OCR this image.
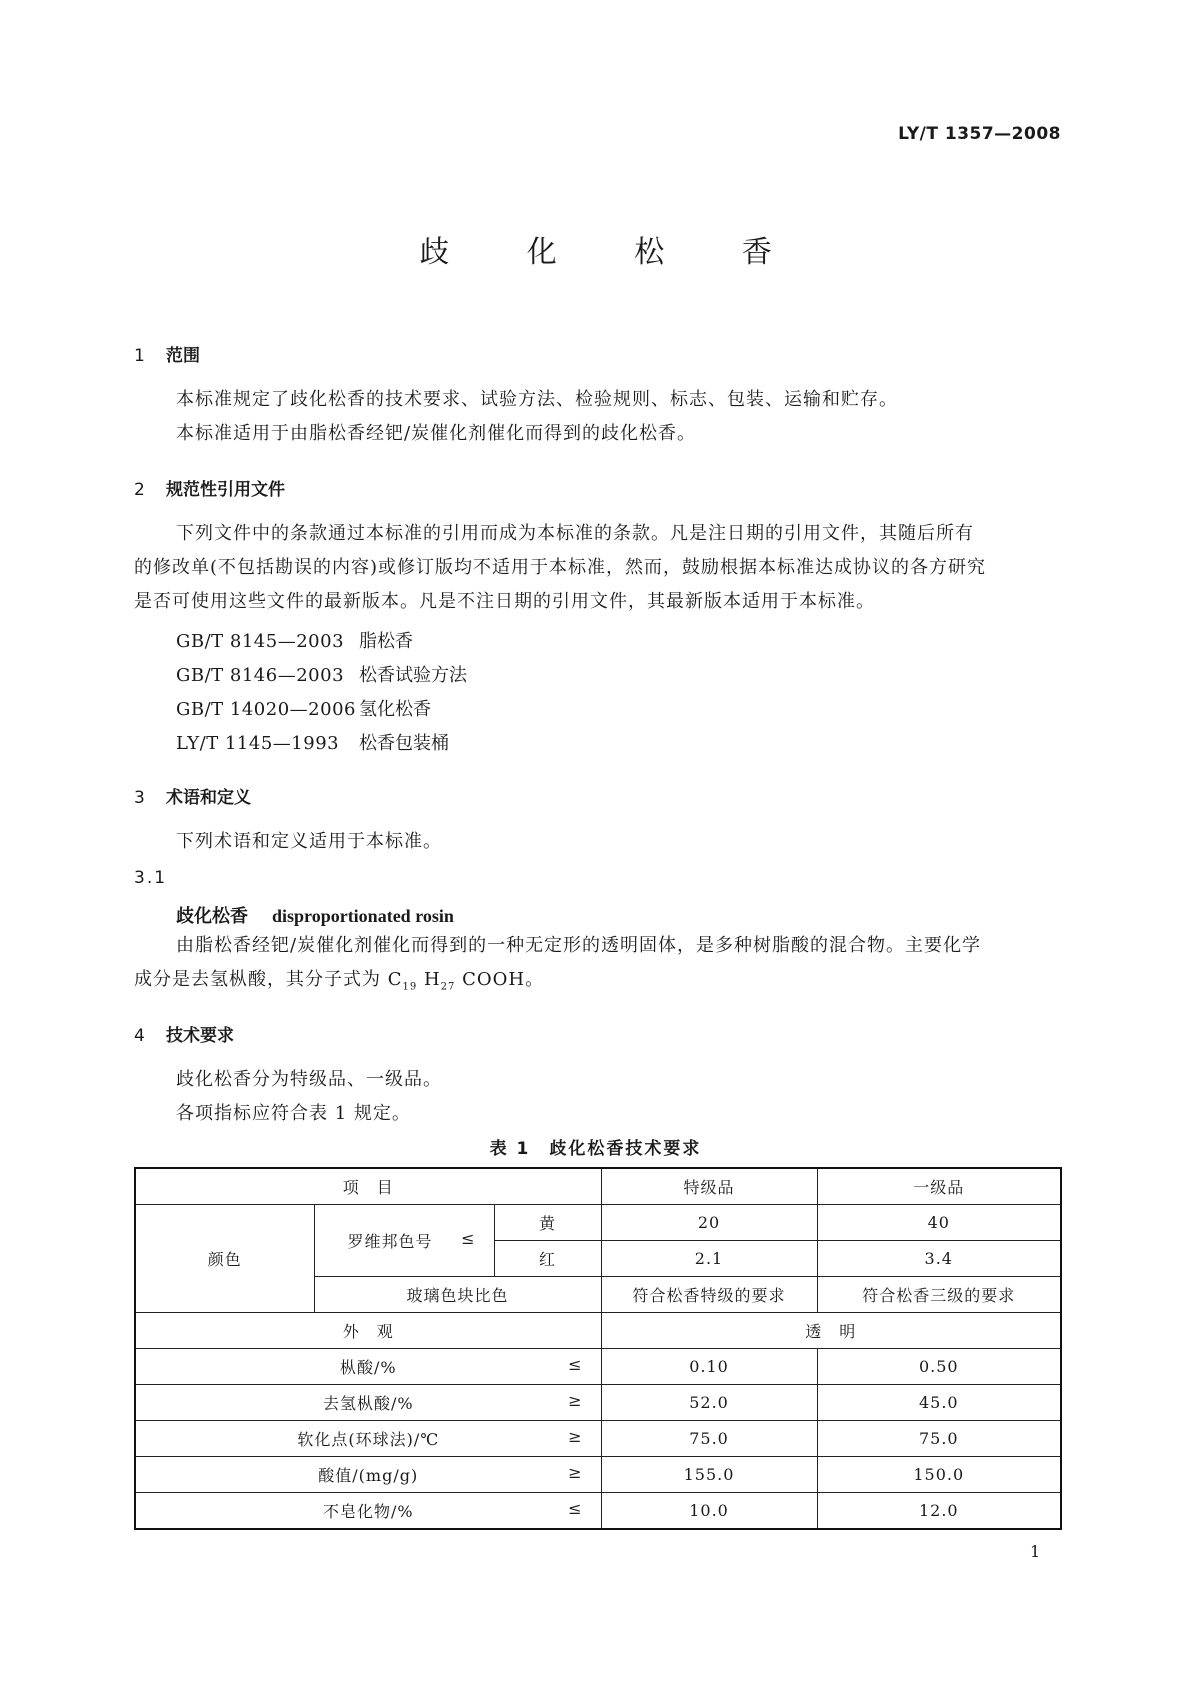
LY/T 1357—2008
歧 化 松 香
1 范围
本标准规定了歧化松香的技术要求、试验方法、检验规则、标志、包装、运输和贮存。
本标准适用于由脂松香经钯/炭催化剂催化而得到的歧化松香。
2 规范性引用文件
下列文件中的条款通过本标准的引用而成为本标准的条款。凡是注日期的引用文件，其随后所有
的修改单(不包括勘误的内容)或修订版均不适用于本标准，然而，鼓励根据本标准达成协议的各方研究
是否可使用这些文件的最新版本。凡是不注日期的引用文件，其最新版本适用于本标准。
GB/T 8145—2003 脂松香
GB/T 8146—2003 松香试验方法
GB/T 14020—2006 氢化松香
LY/T 1145—1993 松香包装桶
3 术语和定义
下列术语和定义适用于本标准。
3.1
歧化松香 disproportionated rosin
由脂松香经钯/炭催化剂催化而得到的一种无定形的透明固体，是多种树脂酸的混合物。主要化学
成分是去氢枞酸，其分子式为 $C_{19}$ $H_{27}$ COOH。
4 技术要求
歧化松香分为特级品、一级品。
各项指标应符合表 1 规定。
表 1　歧化松香技术要求
项　目			特级品	一级品
颜色	罗维邦色号 ≤	黄	20	40
		红	2.1	3.4
	玻璃色块比色		符合松香特级的要求	符合松香三级的要求
外　观			透　明	
枞酸/% ≤			0.10	0.50
去氢枞酸/% ≥			52.0	45.0
软化点(环球法)/℃ ≥			75.0	75.0
酸值/(mg/g) ≥			155.0	150.0
不皂化物/% ≤			10.0	12.0
1
